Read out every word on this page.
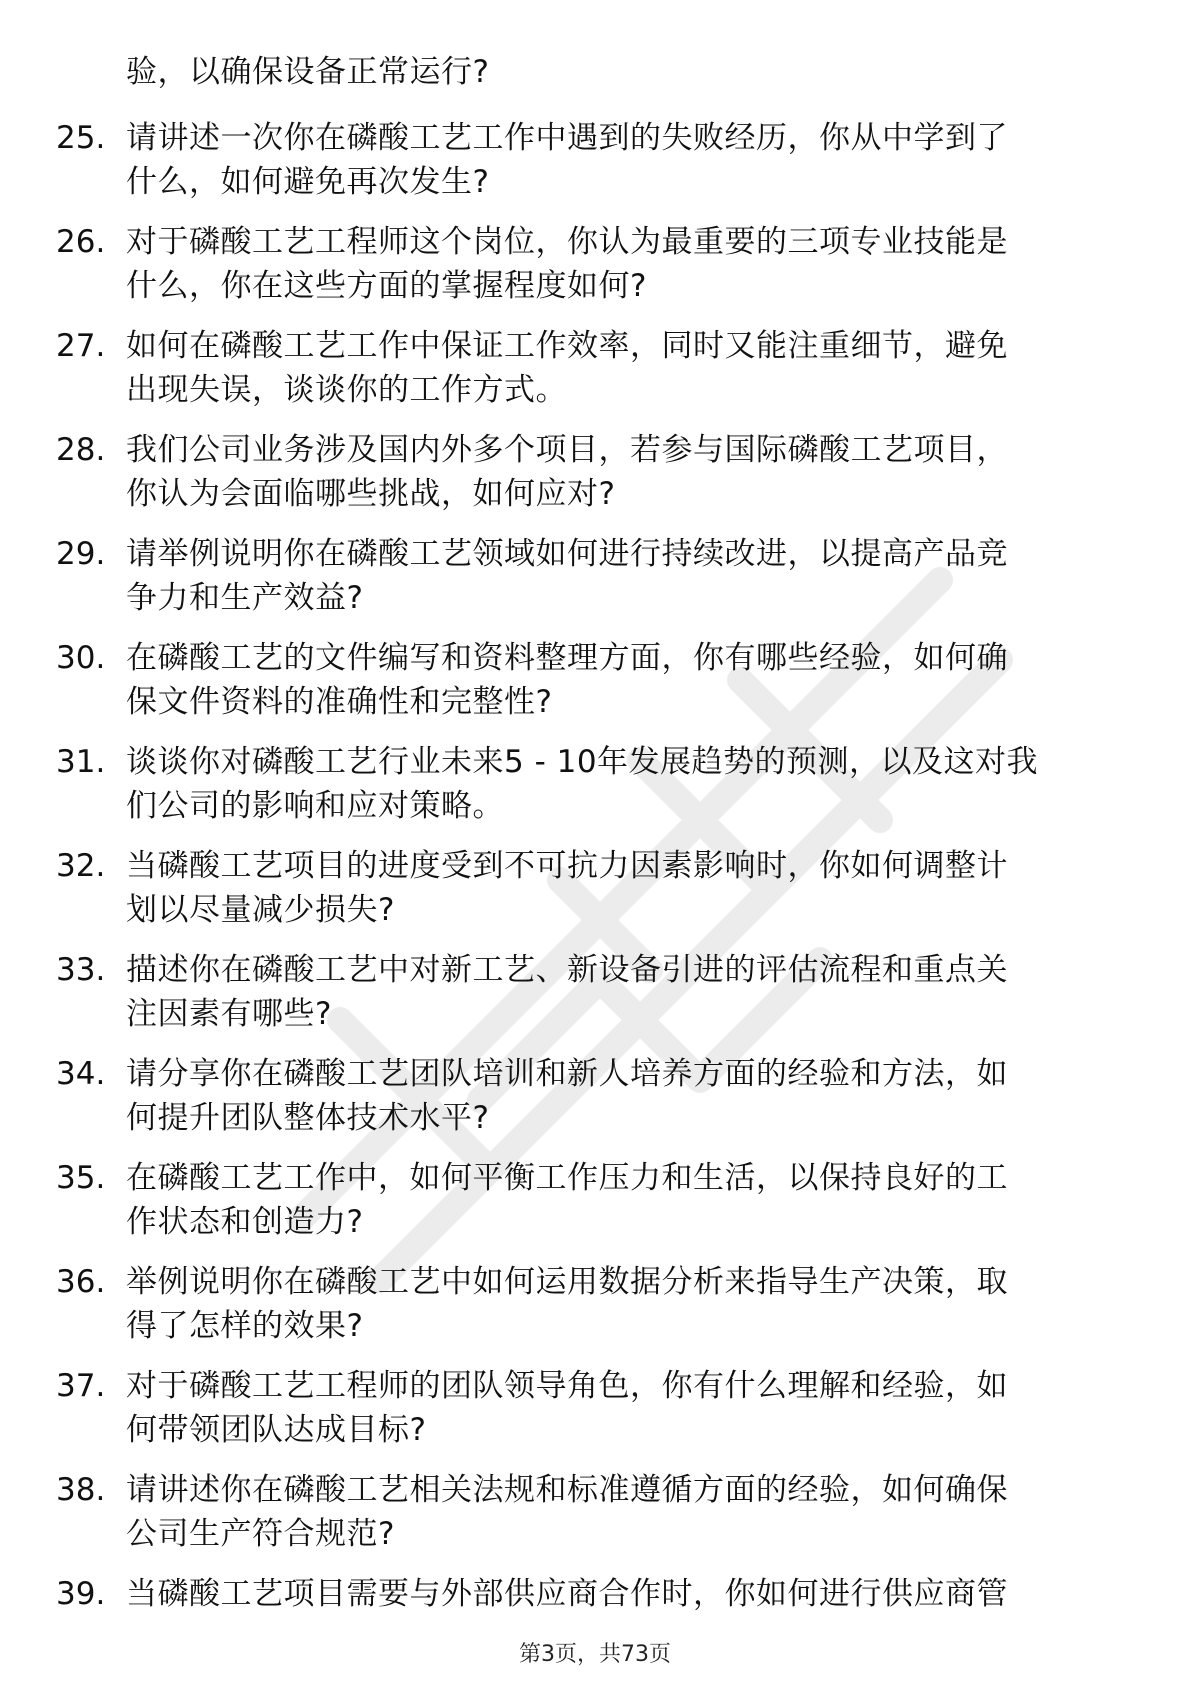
验，以确保设备正常运行?
25. 请讲述一次你在磷酸工艺工作中遇到的失败经历，你从中学到了
什么，如何避免再次发生?
26. 对于磷酸工艺工程师这个岗位，你认为最重要的三项专业技能是
什么，你在这些方面的掌握程度如何?
27. 如何在磷酸工艺工作中保证工作效率，同时又能注重细节，避免
出现失误，谈谈你的工作方式。
28. 我们公司业务涉及国内外多个项目，若参与国际磷酸工艺项目，
你认为会面临哪些挑战，如何应对?
29. 请举例说明你在磷酸工艺领域如何进行持续改进，以提高产品竞
争力和生产效益?
30. 在磷酸工艺的文件编写和资料整理方面，你有哪些经验，如何确
保文件资料的准确性和完整性?
31. 谈谈你对磷酸工艺行业未来5 - 10年发展趋势的预测，以及这对我
们公司的影响和应对策略。
32. 当磷酸工艺项目的进度受到不可抗力因素影响时，你如何调整计
划以尽量减少损失?
33. 描述你在磷酸工艺中对新工艺、新设备引进的评估流程和重点关
注因素有哪些?
34. 请分享你在磷酸工艺团队培训和新人培养方面的经验和方法，如
何提升团队整体技术水平?
35. 在磷酸工艺工作中，如何平衡工作压力和生活，以保持良好的工
作状态和创造力?
36. 举例说明你在磷酸工艺中如何运用数据分析来指导生产决策，取
得了怎样的效果?
37. 对于磷酸工艺工程师的团队领导角色，你有什么理解和经验，如
何带领团队达成目标?
38. 请讲述你在磷酸工艺相关法规和标准遵循方面的经验，如何确保
公司生产符合规范?
39. 当磷酸工艺项目需要与外部供应商合作时，你如何进行供应商管
第3页，共73页
